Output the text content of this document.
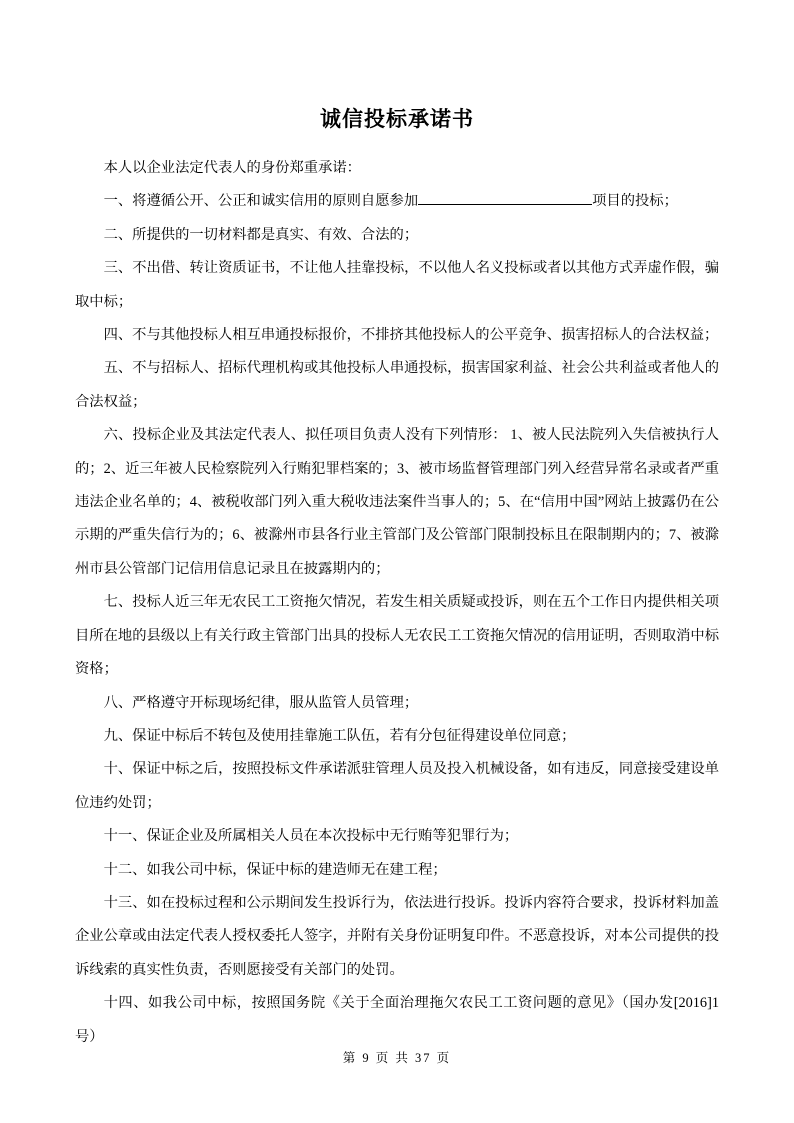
诚信投标承诺书

本人以企业法定代表人的身份郑重承诺：

一、将遵循公开、公正和诚实信用的原则自愿参加	项目的投标；

二、所提供的一切材料都是真实、有效、合法的；

三、不出借、转让资质证书，不让他人挂靠投标，不以他人名义投标或者以其他方式弄虚作假，骗取中标；

四、不与其他投标人相互串通投标报价，不排挤其他投标人的公平竞争、损害招标人的合法权益；

五、不与招标人、招标代理机构或其他投标人串通投标，损害国家利益、社会公共利益或者他人的合法权益；

六、投标企业及其法定代表人、拟任项目负责人没有下列情形： 1、被人民法院列入失信被执行人的；2、近三年被人民检察院列入行贿犯罪档案的；3、被市场监督管理部门列入经营异常名录或者严重违法企业名单的；4、被税收部门列入重大税收违法案件当事人的；5、在“信用中国”网站上披露仍在公示期的严重失信行为的；6、被滁州市县各行业主管部门及公管部门限制投标且在限制期内的；7、被滁州市县公管部门记信用信息记录且在披露期内的；

七、投标人近三年无农民工工资拖欠情况，若发生相关质疑或投诉，则在五个工作日内提供相关项目所在地的县级以上有关行政主管部门出具的投标人无农民工工资拖欠情况的信用证明，否则取消中标资格；

八、严格遵守开标现场纪律，服从监管人员管理；

九、保证中标后不转包及使用挂靠施工队伍，若有分包征得建设单位同意；

十、保证中标之后，按照投标文件承诺派驻管理人员及投入机械设备，如有违反，同意接受建设单位违约处罚；

十一、保证企业及所属相关人员在本次投标中无行贿等犯罪行为；

十二、如我公司中标，保证中标的建造师无在建工程；

十三、如在投标过程和公示期间发生投诉行为，依法进行投诉。投诉内容符合要求，投诉材料加盖企业公章或由法定代表人授权委托人签字，并附有关身份证明复印件。不恶意投诉，对本公司提供的投诉线索的真实性负责，否则愿接受有关部门的处罚。

十四、如我公司中标，按照国务院《关于全面治理拖欠农民工工资问题的意见》（国办发[2016]1 号）

第 9 页 共 37 页
